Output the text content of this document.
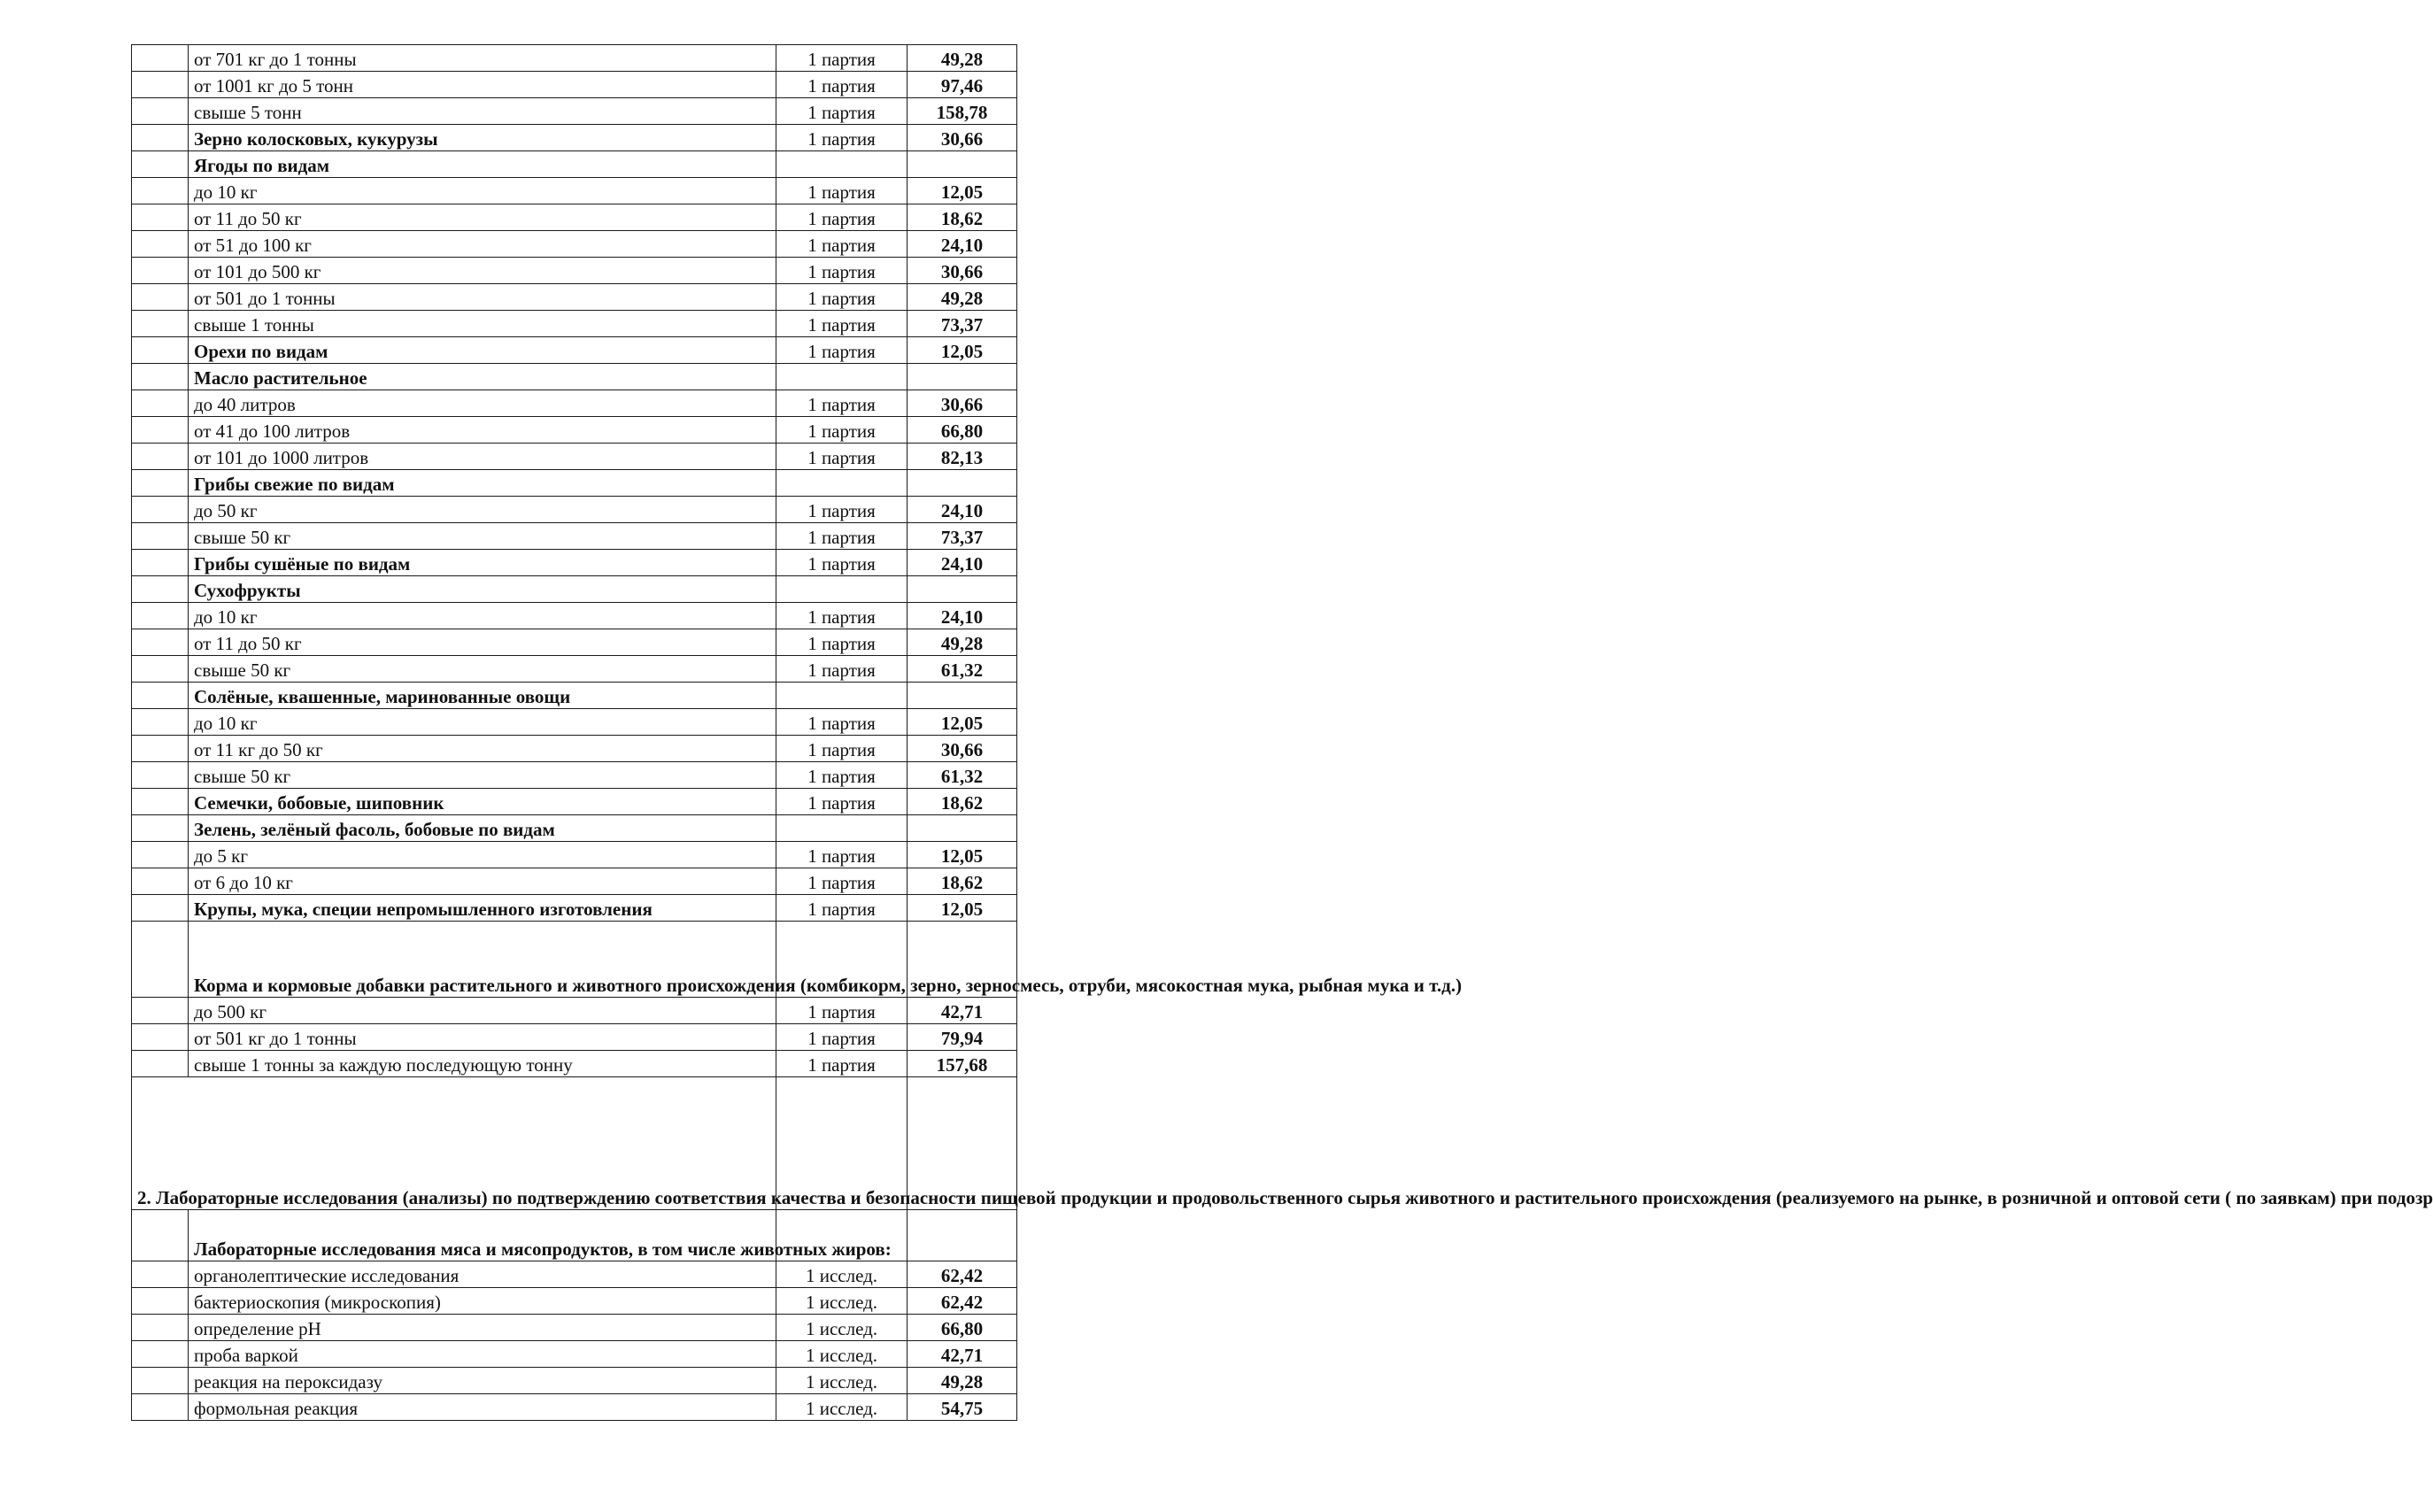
	от 701 кг до 1 тонны	1 партия	49,28
	от 1001 кг до 5 тонн	1 партия	97,46
	свыше 5 тонн	1 партия	158,78
	Зерно колосковых, кукурузы	1 партия	30,66
	Ягоды по видам		
	до 10 кг	1 партия	12,05
	от 11 до 50 кг	1 партия	18,62
	от 51 до 100 кг	1 партия	24,10
	от 101 до 500 кг	1 партия	30,66
	от 501 до 1 тонны	1 партия	49,28
	свыше 1 тонны	1 партия	73,37
	Орехи по видам	1 партия	12,05
	Масло растительное		
	до 40 литров	1 партия	30,66
	от 41 до 100 литров	1 партия	66,80
	от 101 до 1000 литров	1 партия	82,13
	Грибы свежие по видам		
	до 50 кг	1 партия	24,10
	свыше 50 кг	1 партия	73,37
	Грибы сушёные по видам	1 партия	24,10
	Сухофрукты		
	до 10 кг	1 партия	24,10
	от 11 до 50 кг	1 партия	49,28
	свыше 50 кг	1 партия	61,32
	Солёные, квашенные, маринованные овощи		
	до 10 кг	1 партия	12,05
	от 11 кг до 50 кг	1 партия	30,66
	свыше 50 кг	1 партия	61,32
	Семечки, бобовые, шиповник	1 партия	18,62
	Зелень, зелёный фасоль, бобовые по видам		
	до 5 кг	1 партия	12,05
	от 6 до 10 кг	1 партия	18,62
	Крупы, мука, специи непромышленного изготовления	1 партия	12,05
	Корма и кормовые добавки растительного и животного происхождения (комбикорм, зерно, зерносмесь, отруби, мясокостная мука, рыбная мука и т.д.)		
	до 500 кг	1 партия	42,71
	от 501 кг до 1 тонны	1 партия	79,94
	свыше 1 тонны за каждую последующую тонну	1 партия	157,68
2. Лабораторные исследования (анализы) по подтверждению соответствия качества и безопасности пищевой продукции и продовольственного сырья животного и растительного происхождения (реализуемого на рынке, в розничной и оптовой сети ( по заявкам) при подозр			
	Лабораторные исследования мяса и мясопродуктов, в том числе животных жиров:		
	органолептические исследования	1 исслед.	62,42
	бактериоскопия (микроскопия)	1 исслед.	62,42
	определение pH	1 исслед.	66,80
	проба варкой	1 исслед.	42,71
	реакция на пероксидазу	1 исслед.	49,28
	формольная реакция	1 исслед.	54,75
